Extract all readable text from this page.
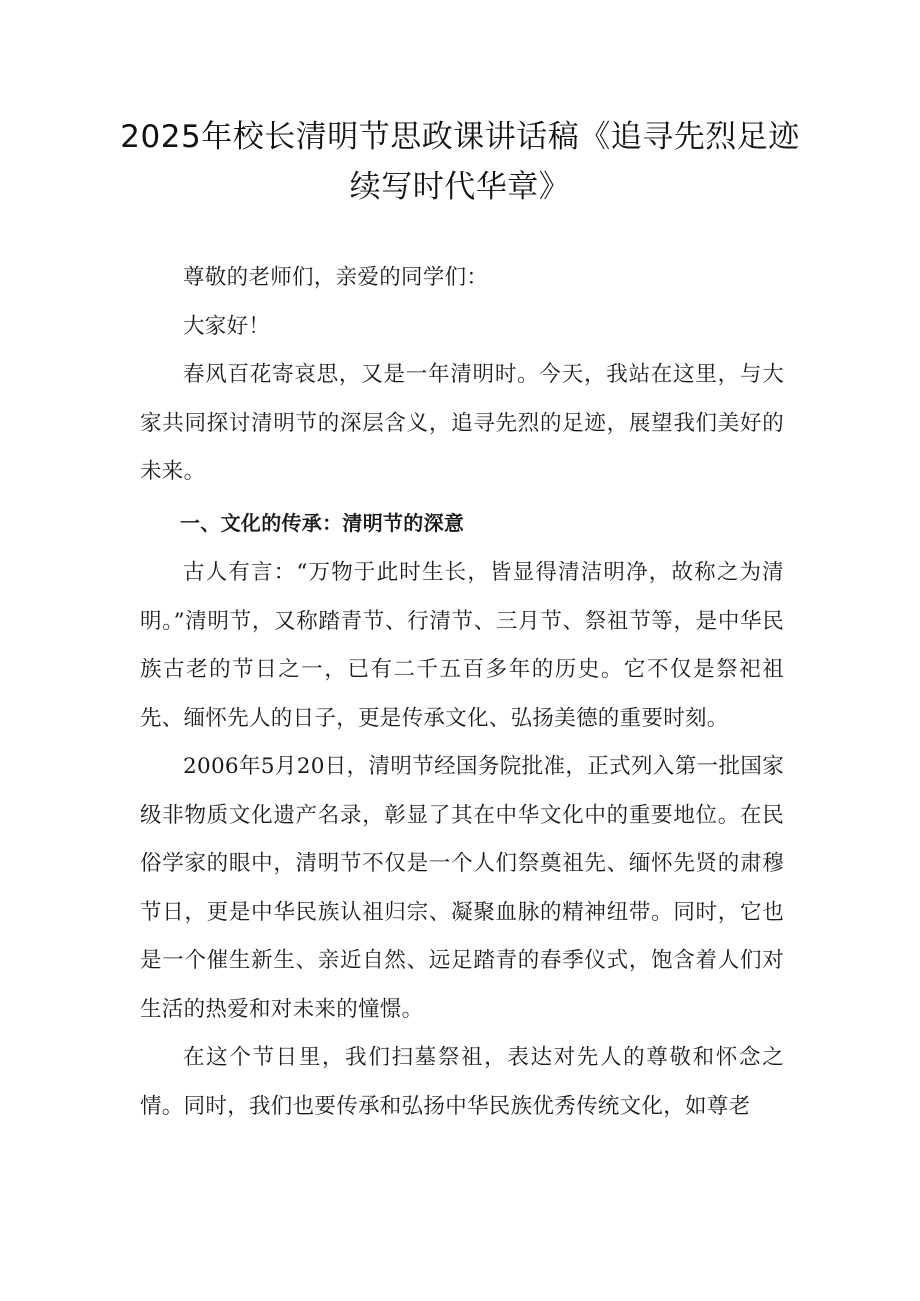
2025年校长清明节思政课讲话稿《追寻先烈足迹续写时代华章》

尊敬的老师们，亲爱的同学们：

大家好！

春风百花寄哀思，又是一年清明时。今天，我站在这里，与大家共同探讨清明节的深层含义，追寻先烈的足迹，展望我们美好的未来。

一、文化的传承：清明节的深意

古人有言：“万物于此时生长，皆显得清洁明净，故称之为清明。”清明节，又称踏青节、行清节、三月节、祭祖节等，是中华民族古老的节日之一，已有二千五百多年的历史。它不仅是祭祀祖先、缅怀先人的日子，更是传承文化、弘扬美德的重要时刻。

2006年5月20日，清明节经国务院批准，正式列入第一批国家级非物质文化遗产名录，彰显了其在中华文化中的重要地位。在民俗学家的眼中，清明节不仅是一个人们祭奠祖先、缅怀先贤的肃穆节日，更是中华民族认祖归宗、凝聚血脉的精神纽带。同时，它也是一个催生新生、亲近自然、远足踏青的春季仪式，饱含着人们对生活的热爱和对未来的憧憬。

在这个节日里，我们扫墓祭祖，表达对先人的尊敬和怀念之情。同时，我们也要传承和弘扬中华民族优秀传统文化，如尊老
